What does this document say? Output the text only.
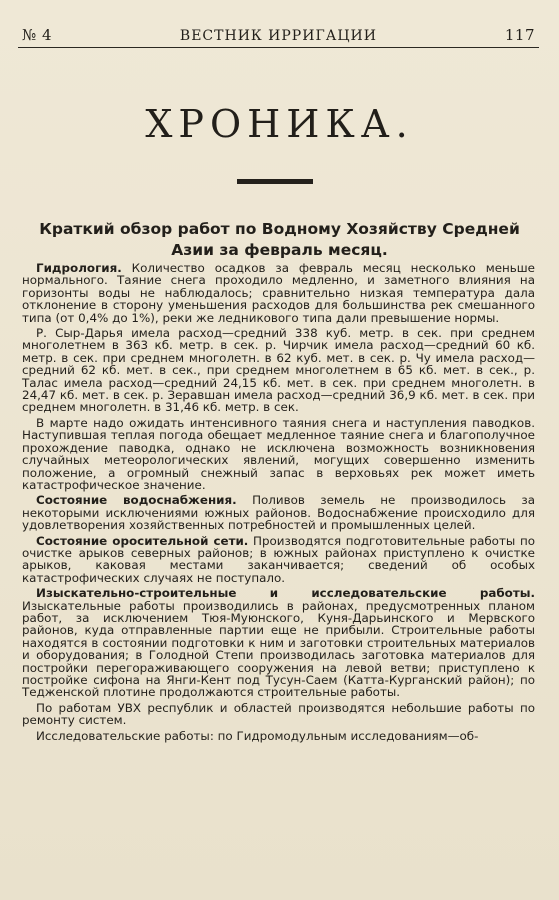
№ 4	ВЕСТНИК ИРРИГАЦИИ	117
ХРОНИКА.
Краткий обзор работ по Водному Хозяйству Средней Азии за февраль месяц.

Гидрология. Количество осадков за февраль месяц несколько меньше нормального. Таяние снега проходило медленно, и заметного влияния на горизонты воды не наблюдалось; сравнительно низкая температура дала отклонение в сторону уменьшения расходов для большинства рек смешанного типа (от 0,4% до 1%), реки же ледникового типа дали превышение нормы.

Р. Сыр-Дарья имела расход—средний 338 куб. метр. в сек. при среднем многолетнем в 363 кб. метр. в сек. р. Чирчик имела расход—средний 60 кб. метр. в сек. при среднем многолетн. в 62 куб. мет. в сек. р. Чу имела расход—средний 62 кб. мет. в сек., при среднем многолетнем в 65 кб. мет. в сек., р. Талас имела расход—средний 24,15 кб. мет. в сек. при среднем многолетн. в 24,47 кб. мет. в сек. р. Зеравшан имела расход—средний 36,9 кб. мет. в сек. при среднем многолетн. в 31,46 кб. метр. в сек.

В марте надо ожидать интенсивного таяния снега и наступления паводков. Наступившая теплая погода обещает медленное таяние снега и благополучное прохождение паводка, однако не исключена возможность возникновения случайных метеорологических явлений, могущих совершенно изменить положение, а огромный снежный запас в верховьях рек может иметь катастрофическое значение.

Состояние водоснабжения. Поливов земель не производилось за некоторыми исключениями южных районов. Водоснабжение происходило для удовлетворения хозяйственных потребностей и промышленных целей.

Состояние оросительной сети. Производятся подготовительные работы по очистке арыков северных районов; в южных районах приступлено к очистке арыков, каковая местами заканчивается; сведений об особых катастрофических случаях не поступало.

Изыскательно-строительные и исследовательские работы. Изыскательные работы производились в районах, предусмотренных планом работ, за исключением Тюя-Муюнского, Куня-Дарьинского и Мервского районов, куда отправленные партии еще не прибыли. Строительные работы находятся в состоянии подготовки к ним и заготовки строительных материалов и оборудования; в Голодной Степи производилась заготовка материалов для постройки перегораживающего сооружения на левой ветви; приступлено к постройке сифона на Янги-Кент под Тусун-Саем (Катта-Курганский район); по Тедженской плотине продолжаются строительные работы.

По работам УВХ республик и областей производятся небольшие работы по ремонту систем.

Исследовательские работы: по Гидромодульным исследованиям—об-
